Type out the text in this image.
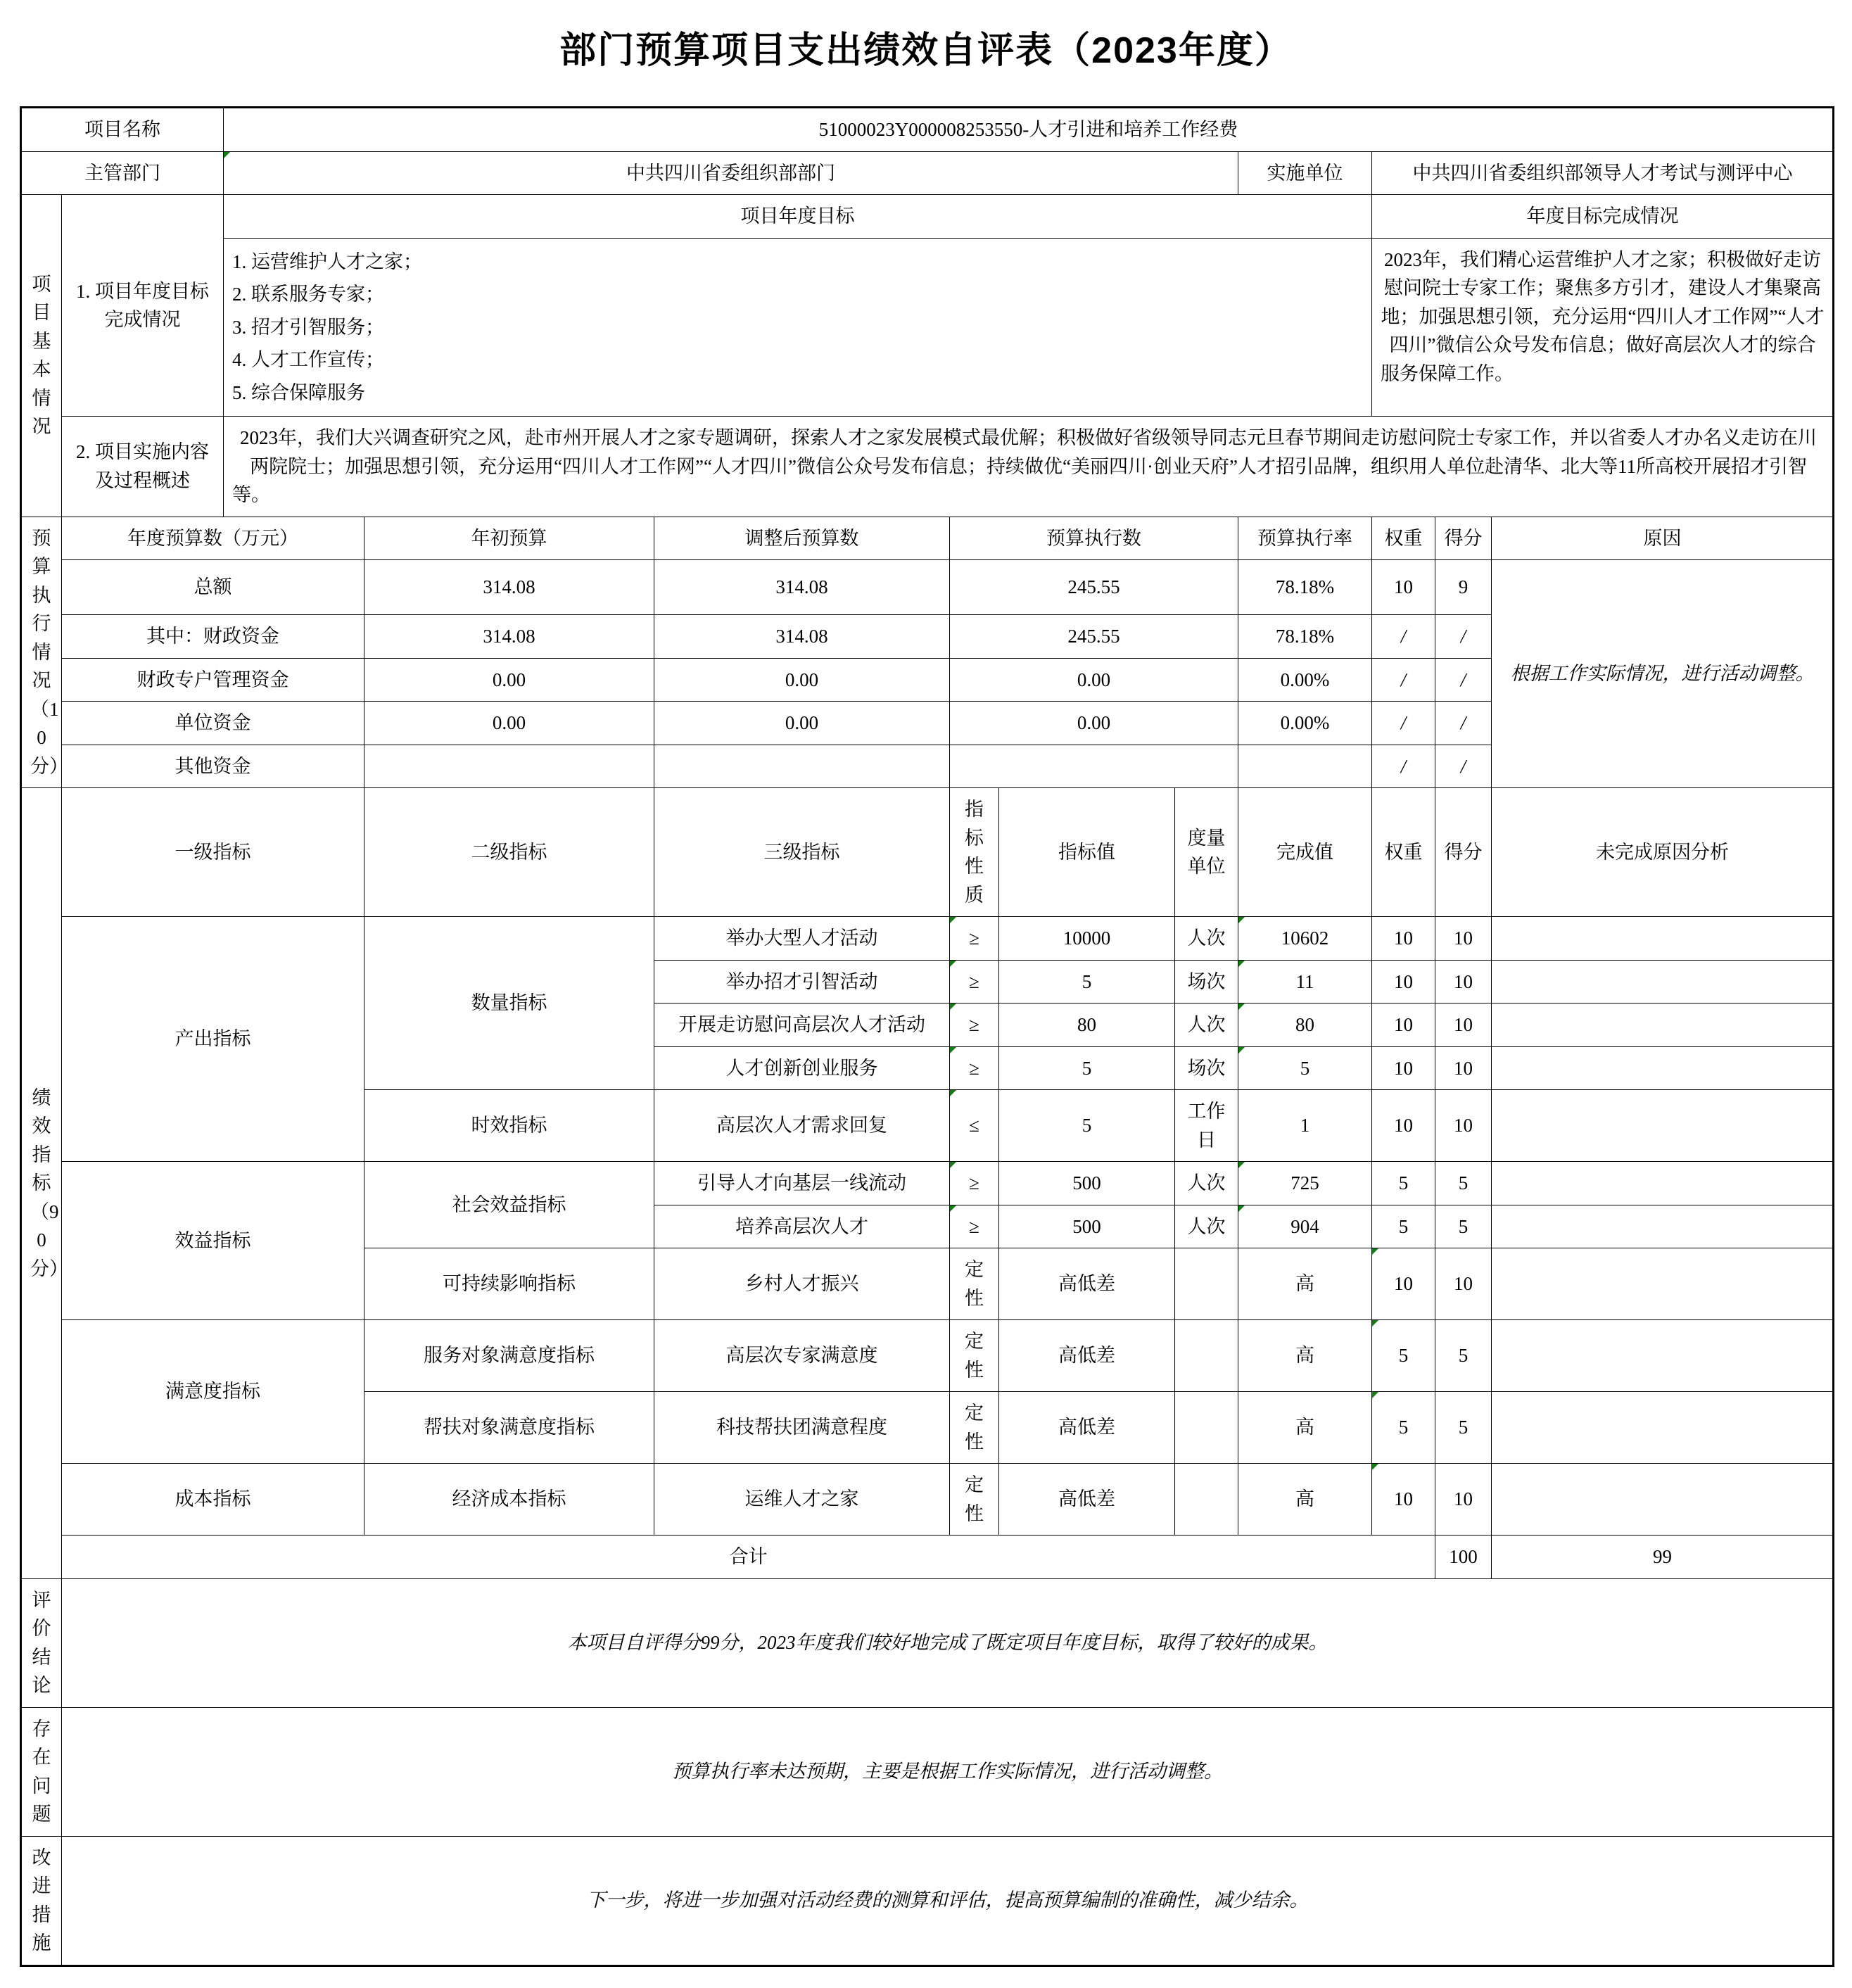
部门预算项目支出绩效自评表（2023年度）
项目名称		51000023Y000008253550-人才引进和培养工作经费										
主管部门		中共四川省委组织部部门						实施单位	中共四川省委组织部领导人才考试与测评中心			
项目基本情况	1. 项目年度目标完成情况	项目年度目标							年度目标完成情况			

1. 运营维护人才之家；
2. 联系服务专家；
3. 招才引智服务；
4. 人才工作宣传；
5. 综合保障服务
	2023年，我们精心运营维护人才之家；积极做好走访慰问院士专家工作；聚焦多方引才，建设人才集聚高地；加强思想引领，充分运用“四川人才工作网”“人才四川”微信公众号发布信息；做好高层次人才的综合服务保障工作。
	2. 项目实施内容及过程概述	2023年，我们大兴调查研究之风，赴市州开展人才之家专题调研，探索人才之家发展模式最优解；积极做好省级领导同志元旦春节期间走访慰问院士专家工作，并以省委人才办名义走访在川两院院士；加强思想引领，充分运用“四川人才工作网”“人才四川”微信公众号发布信息；持续做优“美丽四川·创业天府”人才招引品牌，组织用人单位赴清华、北大等11所高校开展招才引智等。										
预算执行情况（10分）	年度预算数（万元）		年初预算	调整后预算数	预算执行数			预算执行率	权重	得分	原因	
	总额		314.08	314.08	245.55			78.18%	10	9	根据工作实际情况，进行活动调整。	
	其中：财政资金		314.08	314.08	245.55			78.18%	/	/		
	财政专户管理资金		0.00	0.00	0.00			0.00%	/	/		
	单位资金		0.00	0.00	0.00			0.00%	/	/		
	其他资金								/	/		
绩效指标（90分）	一级指标		二级指标	三级指标	指标性质	指标值	度量单位	完成值	权重	得分	未完成原因分析	
	产出指标		数量指标	举办大型人才活动	≥	10000	人次	10602	10	10		
				举办招才引智活动	≥	5	场次	11	10	10		
				开展走访慰问高层次人才活动	≥	80	人次	80	10	10		
				人才创新创业服务	≥	5	场次	5	10	10		
			时效指标	高层次人才需求回复	≤	5	工作日	1	10	10		
	效益指标		社会效益指标	引导人才向基层一线流动	≥	500	人次	725	5	5		
				培养高层次人才	≥	500	人次	904	5	5		
			可持续影响指标	乡村人才振兴	定性	高低差		高	10	10		
	满意度指标		服务对象满意度指标	高层次专家满意度	定性	高低差		高	5	5		
			帮扶对象满意度指标	科技帮扶团满意程度	定性	高低差		高	5	5		
	成本指标		经济成本指标	运维人才之家	定性	高低差		高	10	10		
	合计									100	99	
评价结论	本项目自评得分99分，2023年度我们较好地完成了既定项目年度目标，取得了较好的成果。											
存在问题	预算执行率未达预期，主要是根据工作实际情况，进行活动调整。											
改进措施	下一步，将进一步加强对活动经费的测算和评估，提高预算编制的准确性，减少结余。											
